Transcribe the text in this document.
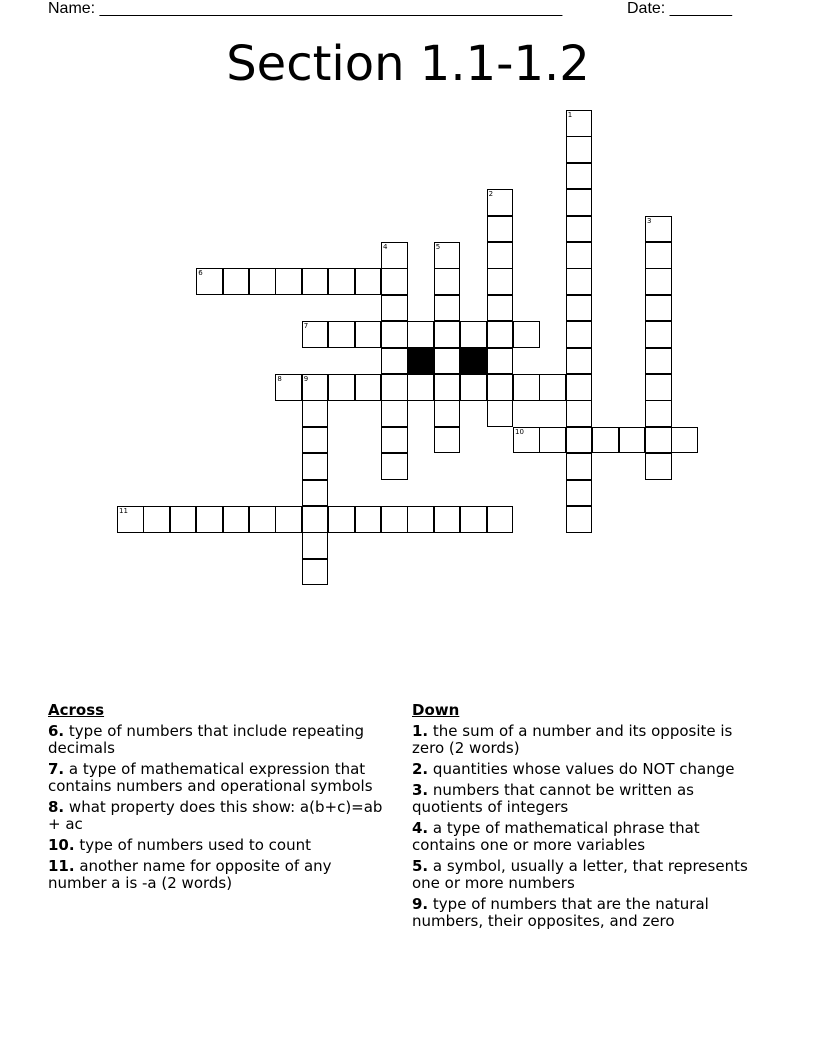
Name: ____________________________________________________	Date: _______
Section 1.1-1.2
1
2
3
4	5
6
7
8	9
10
11
Across
6. type of numbers that include repeating decimals
7. a type of mathematical expression that contains numbers and operational symbols
8. what property does this show: a(b+c)=ab + ac
10. type of numbers used to count
11. another name for opposite of any number a is -a (2 words)
Down
1. the sum of a number and its opposite is zero (2 words)
2. quantities whose values do NOT change
3. numbers that cannot be written as quotients of integers
4. a type of mathematical phrase that contains one or more variables
5. a symbol, usually a letter, that represents one or more numbers
9. type of numbers that are the natural numbers, their opposites, and zero
